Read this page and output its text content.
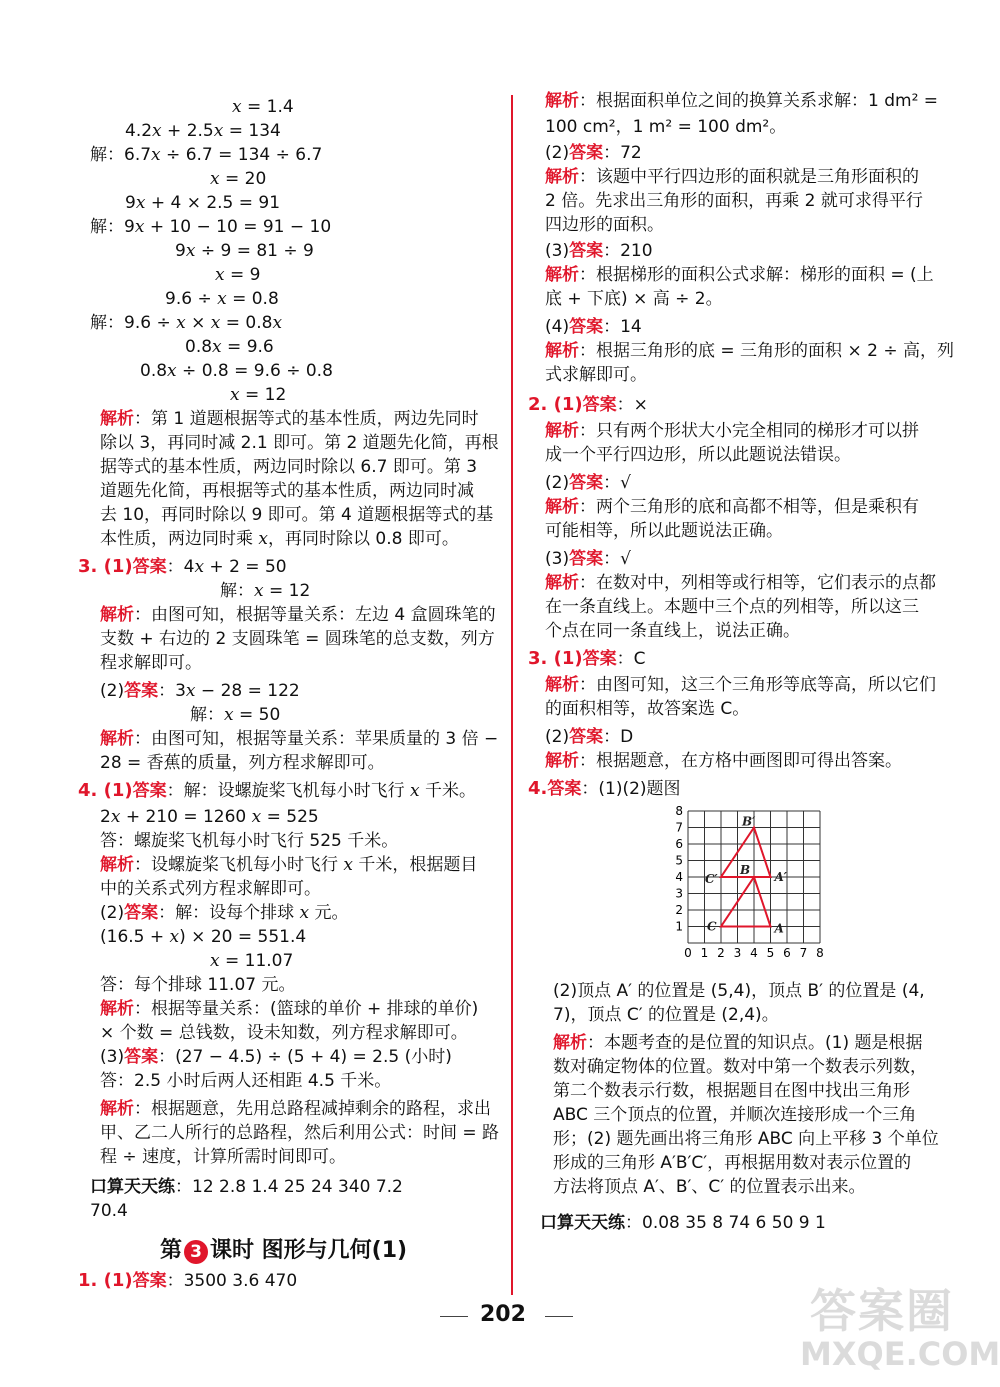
x = 1.4
4.2x + 2.5x = 134
解：6.7x ÷ 6.7 = 134 ÷ 6.7
x = 20
9x + 4 × 2.5 = 91
解：9x + 10 − 10 = 91 − 10
9x ÷ 9 = 81 ÷ 9
x = 9
9.6 ÷ x = 0.8
解：9.6 ÷ x × x = 0.8x
0.8x = 9.6
0.8x ÷ 0.8 = 9.6 ÷ 0.8
x = 12
解析：第 1 道题根据等式的基本性质，两边先同时
除以 3，再同时减 2.1 即可。第 2 道题先化简，再根
据等式的基本性质，两边同时除以 6.7 即可。第 3
道题先化简，再根据等式的基本性质，两边同时减
去 10，再同时除以 9 即可。第 4 道题根据等式的基
本性质，两边同时乘 x，再同时除以 0.8 即可。
3. (1)答案：4x + 2 = 50
解：x = 12
解析：由图可知，根据等量关系：左边 4 盒圆珠笔的
支数 + 右边的 2 支圆珠笔 = 圆珠笔的总支数，列方
程求解即可。
(2)答案：3x − 28 = 122
解：x = 50
解析：由图可知，根据等量关系：苹果质量的 3 倍 −
28 = 香蕉的质量，列方程求解即可。
4. (1)答案：解：设螺旋桨飞机每小时飞行 x 千米。
2x + 210 = 1260 x = 525
答：螺旋桨飞机每小时飞行 525 千米。
解析：设螺旋桨飞机每小时飞行 x 千米，根据题目
中的关系式列方程求解即可。
(2)答案：解：设每个排球 x 元。
(16.5 + x) × 20 = 551.4
x = 11.07
答：每个排球 11.07 元。
解析：根据等量关系：(篮球的单价 + 排球的单价)
× 个数 = 总钱数，设未知数，列方程求解即可。
(3)答案：(27 − 4.5) ÷ (5 + 4) = 2.5 (小时)
答：2.5 小时后两人还相距 4.5 千米。
解析：根据题意，先用总路程减掉剩余的路程，求出
甲、乙二人所行的总路程，然后利用公式：时间 = 路
程 ÷ 速度，计算所需时间即可。
口算天天练：12 2.8 1.4 25 24 340 7.2
70.4
1. (1)答案：3500 3.6 470
解析：根据面积单位之间的换算关系求解：1 dm² =
100 cm²，1 m² = 100 dm²。
(2)答案：72
解析：该题中平行四边形的面积就是三角形面积的
2 倍。先求出三角形的面积，再乘 2 就可求得平行
四边形的面积。
(3)答案：210
解析：根据梯形的面积公式求解：梯形的面积 = (上
底 + 下底) × 高 ÷ 2。
(4)答案：14
解析：根据三角形的底 = 三角形的面积 × 2 ÷ 高，列
式求解即可。
2. (1)答案：×
解析：只有两个形状大小完全相同的梯形才可以拼
成一个平行四边形，所以此题说法错误。
(2)答案：√
解析：两个三角形的底和高都不相等，但是乘积有
可能相等，所以此题说法正确。
(3)答案：√
解析：在数对中，列相等或行相等，它们表示的点都
在一条直线上。本题中三个点的列相等，所以这三
个点在同一条直线上，说法正确。
3. (1)答案：C
解析：由图可知，这三个三角形等底等高，所以它们
的面积相等，故答案选 C。
(2)答案：D
解析：根据题意，在方格中画图即可得出答案。
4.答案：(1)(2)题图
(2)顶点 A′ 的位置是 (5,4)，顶点 B′ 的位置是 (4,
7)，顶点 C′ 的位置是 (2,4)。
解析：本题考查的是位置的知识点。(1) 题是根据
数对确定物体的位置。数对中第一个数表示列数，
第二个数表示行数，根据题目在图中找出三角形
ABC 三个顶点的位置，并顺次连接形成一个三角
形；(2) 题先画出将三角形 ABC 向上平移 3 个单位
形成的三角形 A′B′C′，再根据用数对表示位置的
方法将顶点 A′、B′、C′ 的位置表示出来。
口算天天练：0.08 35 8 74 6 50 9 1
第 3 课时 图形与几何(1)
0 1 2 3 4 5 6 7 8
1
2
3
4
5
6
7
8
A
B
C
A′
B′
C′
202	答案圈
MXQE.COM
